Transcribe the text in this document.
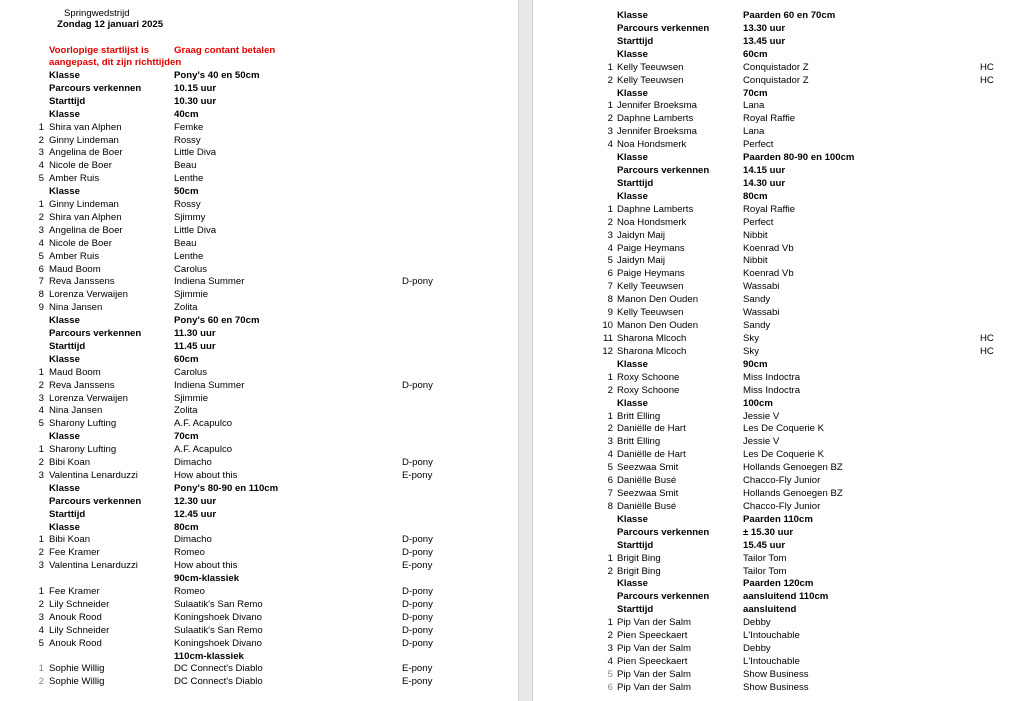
Springwedstrijd
Zondag 12 januari 2025
Voorlopige startlijst is
aangepast, dit zijn richttijden
Graag contant betalen
Klasse	Pony's 40 en 50cm
Parcours verkennen	10.15 uur
Starttijd	10.30 uur
Klasse	40cm
1 Shira van Alphen	Femke
2 Ginny Lindeman	Rossy
3 Angelina de Boer	Little Diva
4 Nicole de Boer	Beau
5 Amber Ruis	Lenthe
Klasse	50cm
1 Ginny Lindeman	Rossy
2 Shira van Alphen	Sjimmy
3 Angelina de Boer	Little Diva
4 Nicole de Boer	Beau
5 Amber Ruis	Lenthe
6 Maud Boom	Carolus
7 Reva Janssens	Indiena Summer	D-pony
8 Lorenza Verwaijen	Sjimmie
9 Nina Jansen	Zolita
Klasse	Pony's 60 en 70cm
Parcours verkennen	11.30 uur
Starttijd	11.45 uur
Klasse	60cm
1 Maud Boom	Carolus
2 Reva Janssens	Indiena Summer	D-pony
3 Lorenza Verwaijen	Sjimmie
4 Nina Jansen	Zolita
5 Sharony Lufting	A.F. Acapulco
Klasse	70cm
1 Sharony Lufting	A.F. Acapulco
2 Bibi Koan	Dimacho	D-pony
3 Valentina Lenarduzzi	How about this	E-pony
Klasse	Pony's 80-90 en 110cm
Parcours verkennen	12.30 uur
Starttijd	12.45 uur
Klasse	80cm
1 Bibi Koan	Dimacho	D-pony
2 Fee Kramer	Romeo	D-pony
3 Valentina Lenarduzzi	How about this	E-pony
90cm-klassiek
1 Fee Kramer	Romeo	D-pony
2 Lily Schneider	Sulaatik's San Remo	D-pony
3 Anouk Rood	Koningshoek Divano	D-pony
4 Lily Schneider	Sulaatik's San Remo	D-pony
5 Anouk Rood	Koningshoek Divano	D-pony
110cm-klassiek
1 Sophie Willig	DC Connect's Diablo	E-pony
2 Sophie Willig	DC Connect's Diablo	E-pony
Klasse	Paarden 60 en 70cm
Parcours verkennen	13.30 uur
Starttijd	13.45 uur
Klasse	60cm
1 Kelly Teeuwsen	Conquistador Z	HC
2 Kelly Teeuwsen	Conquistador Z	HC
Klasse	70cm
1 Jennifer Broeksma	Lana
2 Daphne Lamberts	Royal Raffie
3 Jennifer Broeksma	Lana
4 Noa Hondsmerk	Perfect
Klasse	Paarden 80-90 en 100cm
Parcours verkennen	14.15 uur
Starttijd	14.30 uur
Klasse	80cm
1 Daphne Lamberts	Royal Raffie
2 Noa Hondsmerk	Perfect
3 Jaidyn Maij	Nibbit
4 Paige Heymans	Koenrad Vb
5 Jaidyn Maij	Nibbit
6 Paige Heymans	Koenrad Vb
7 Kelly Teeuwsen	Wassabi
8 Manon Den Ouden	Sandy
9 Kelly Teeuwsen	Wassabi
10 Manon Den Ouden	Sandy
11 Sharona Mlcoch	Sky	HC
12 Sharona Mlcoch	Sky	HC
Klasse	90cm
1 Roxy Schoone	Miss Indoctra
2 Roxy Schoone	Miss Indoctra
Klasse	100cm
1 Britt Elling	Jessie V
2 Daniëlle de Hart	Les De Coquerie K
3 Britt Elling	Jessie V
4 Daniëlle de Hart	Les De Coquerie K
5 Seezwaa Smit	Hollands Genoegen BZ
6 Daniëlle Busé	Chacco-Fly Junior
7 Seezwaa Smit	Hollands Genoegen BZ
8 Daniëlle Busé	Chacco-Fly Junior
Klasse	Paarden 110cm
Parcours verkennen	± 15.30 uur
Starttijd	15.45 uur
1 Brigit Bing	Tailor Tom
2 Brigit Bing	Tailor Tom
Klasse	Paarden 120cm
Parcours verkennen	aansluitend 110cm
Starttijd	aansluitend
1 Pip Van der Salm	Debby
2 Pien Speeckaert	L'Intouchable
3 Pip Van der Salm	Debby
4 Pien Speeckaert	L'Intouchable
5 Pip Van der Salm	Show Business
6 Pip Van der Salm	Show Business
